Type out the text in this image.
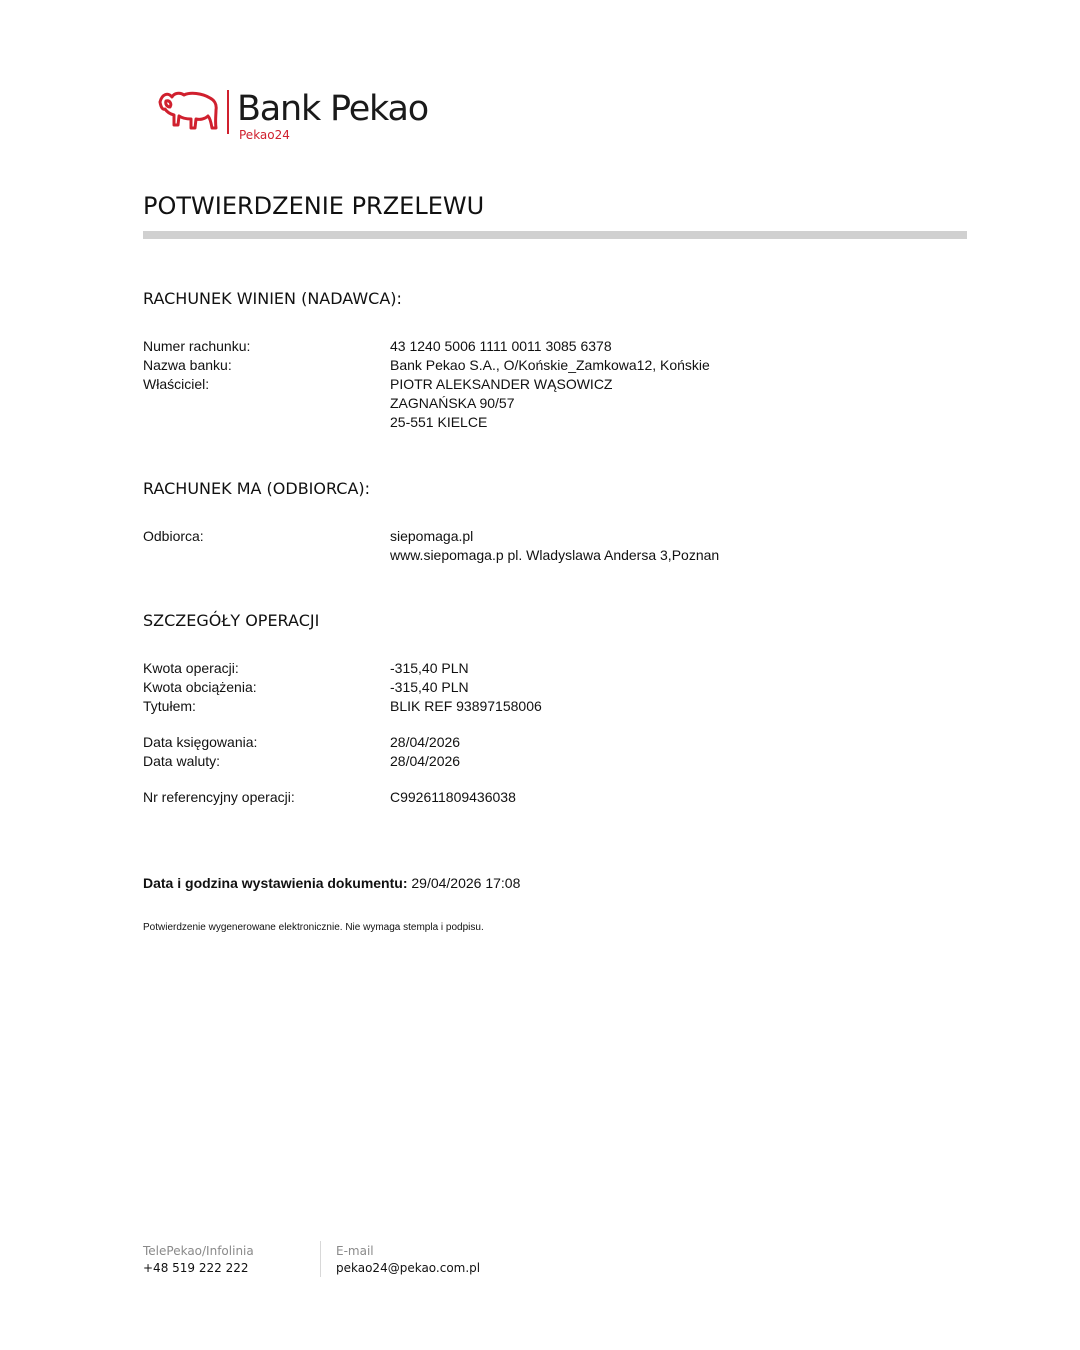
Bank Pekao
Pekao24
POTWIERDZENIE PRZELEWU
RACHUNEK WINIEN (NADAWCA):
Numer rachunku:	43 1240 5006 1111 0011 3085 6378
Nazwa banku:	Bank Pekao S.A., O/Końskie_Zamkowa12, Końskie
Właściciel:	PIOTR ALEKSANDER WĄSOWICZ
ZAGNAŃSKA 90/57
25-551 KIELCE
RACHUNEK MA (ODBIORCA):
Odbiorca:	siepomaga.pl
www.siepomaga.p pl. Wladyslawa Andersa 3,Poznan
SZCZEGÓŁY OPERACJI
Kwota operacji:	-315,40 PLN
Kwota obciążenia:	-315,40 PLN
Tytułem:	BLIK REF 93897158006
Data księgowania:	28/04/2026
Data waluty:	28/04/2026
Nr referencyjny operacji:	C992611809436038
Data i godzina wystawienia dokumentu: 29/04/2026 17:08
Potwierdzenie wygenerowane elektronicznie. Nie wymaga stempla i podpisu.
TelePekao/Infolinia
+48 519 222 222
E-mail
pekao24@pekao.com.pl
